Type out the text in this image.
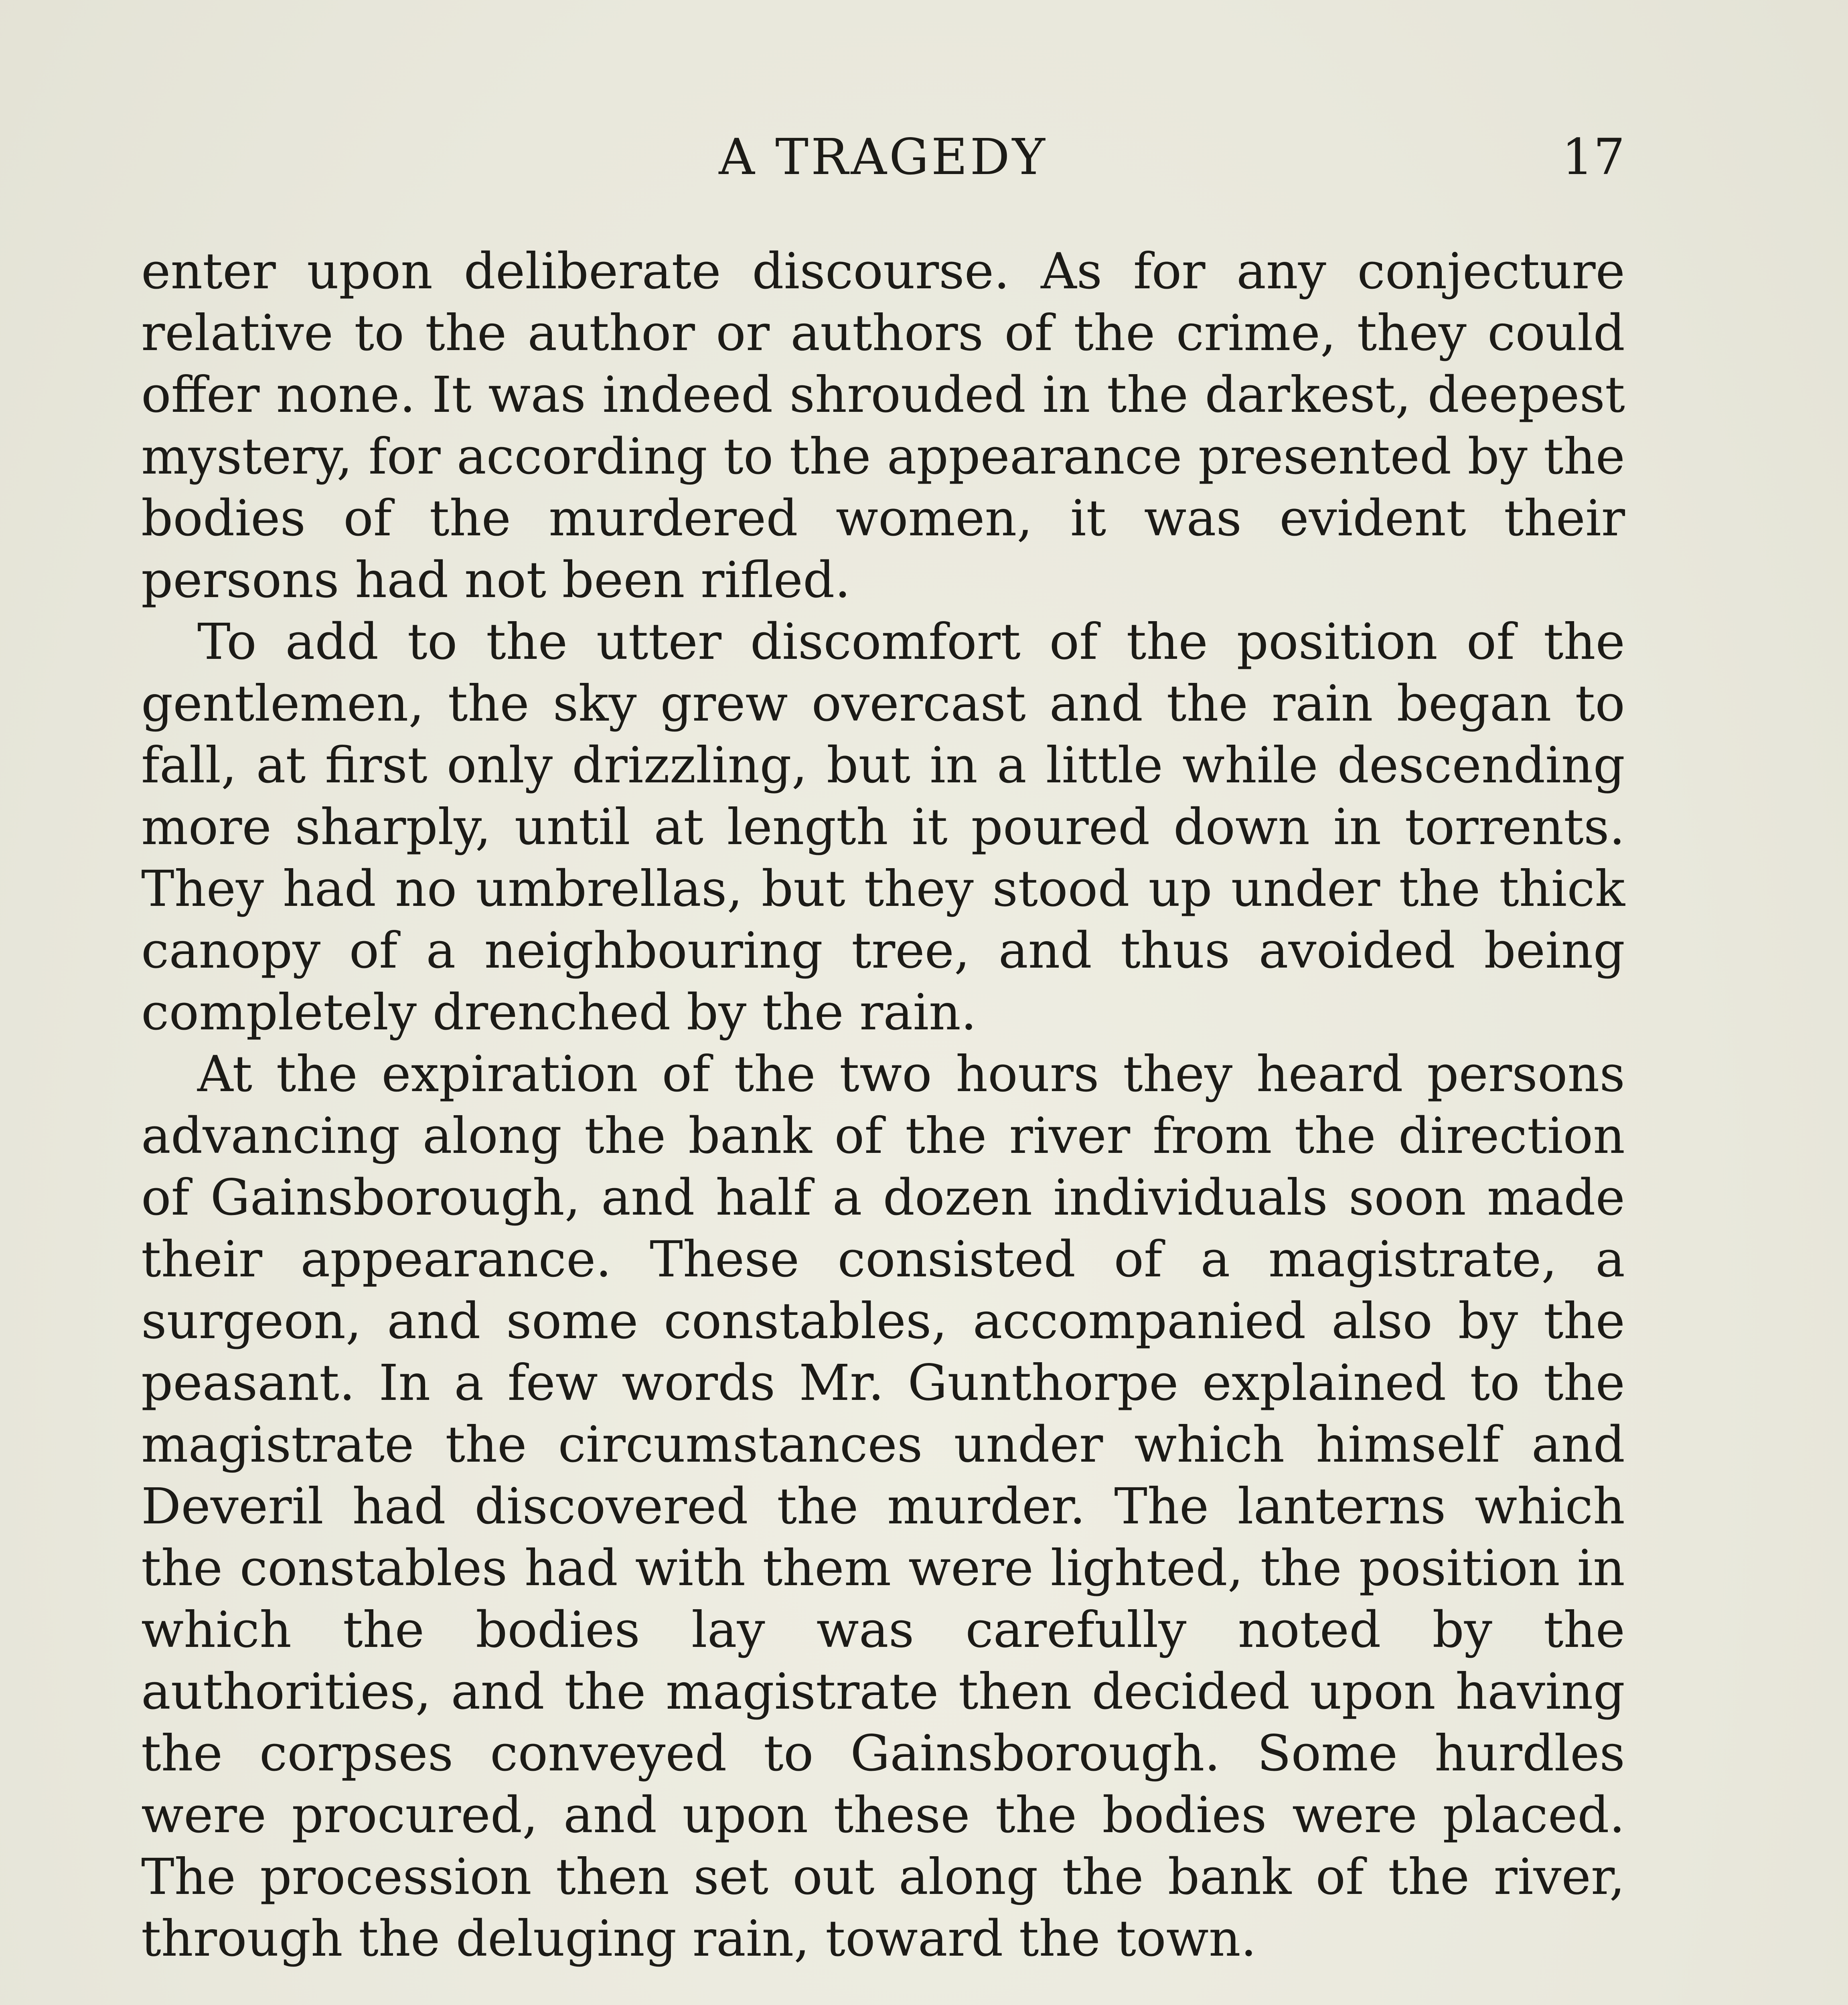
A TRAGEDY	17

enter upon deliberate discourse. As for any conjecture relative to the author or authors of the crime, they could offer none. It was indeed shrouded in the darkest, deepest mystery, for according to the appearance presented by the bodies of the murdered women, it was evident their persons had not been rifled.

To add to the utter discomfort of the position of the gentlemen, the sky grew overcast and the rain began to fall, at first only drizzling, but in a little while descending more sharply, until at length it poured down in torrents. They had no umbrellas, but they stood up under the thick canopy of a neighbouring tree, and thus avoided being completely drenched by the rain.

At the expiration of the two hours they heard persons advancing along the bank of the river from the direction of Gainsborough, and half a dozen individuals soon made their appearance. These consisted of a magistrate, a surgeon, and some constables, accompanied also by the peasant. In a few words Mr. Gunthorpe explained to the magistrate the circumstances under which himself and Deveril had discovered the murder. The lanterns which the constables had with them were lighted, the position in which the bodies lay was carefully noted by the authorities, and the magistrate then decided upon having the corpses conveyed to Gainsborough. Some hurdles were procured, and upon these the bodies were placed. The procession then set out along the bank of the river, through the deluging rain, toward the town.
